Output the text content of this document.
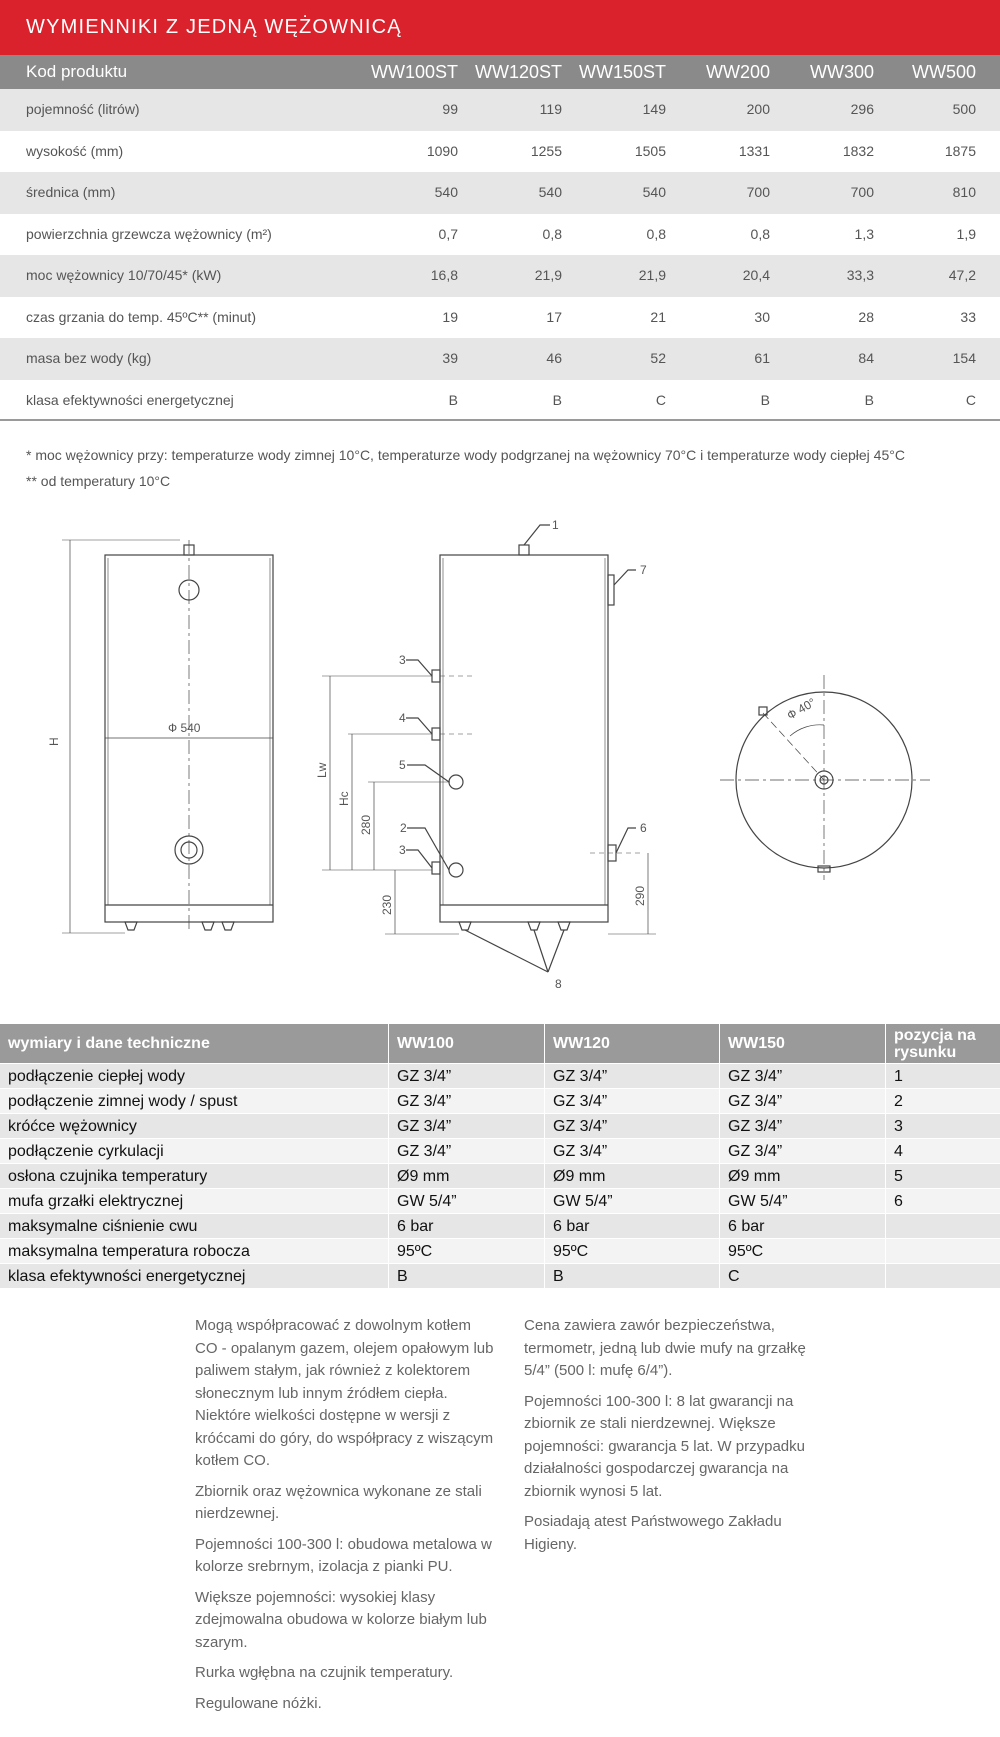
WYMIENNIKI Z JEDNĄ WĘŻOWNICĄ
Kod produktu	WW100ST WW120ST WW150ST	WW200	WW300	WW500
pojemność (litrów)	99	119	149	200	296	500
wysokość (mm)	1090	1255	1505	1331	1832	1875
średnica (mm)	540	540	540	700	700	810
powierzchnia grzewcza wężownicy (m²)	0,7	0,8	0,8	0,8	1,3	1,9
moc wężownicy 10/70/45* (kW)	16,8	21,9	21,9	20,4	33,3	47,2
czas grzania do temp. 45ºC** (minut)	19	17	21	30	28	33
masa bez wody (kg)	39	46	52	61	84	154
klasa efektywności energetycznej	B	B	C	B	B	C
* moc wężownicy przy: temperaturze wody zimnej 10°C, temperaturze wody podgrzanej na wężownicy 70°C i temperaturze wody ciepłej 45°C
** od temperatury 10°C
H
Ф 540
Ф 40°
Lw
Hc
280
230	290
1
2
3
3
4
5
6
7
8
wymiary i dane techniczne	WW100	WW120	WW150	pozycja na rysunku
podłączenie ciepłej wody	GZ 3/4”	GZ 3/4”	GZ 3/4”	1
podłączenie zimnej wody / spust	GZ 3/4”	GZ 3/4”	GZ 3/4”	2
króćce wężownicy	GZ 3/4”	GZ 3/4”	GZ 3/4”	3
podłączenie cyrkulacji	GZ 3/4”	GZ 3/4”	GZ 3/4”	4
osłona czujnika temperatury	Ø9 mm	Ø9 mm	Ø9 mm	5
mufa grzałki elektrycznej	GW 5/4”	GW 5/4”	GW 5/4”	6
maksymalne ciśnienie cwu	6 bar	6 bar	6 bar
maksymalna temperatura robocza	95ºC	95ºC	95ºC
klasa efektywności energetycznej	B	B	C

Mogą współpracować z dowolnym kotłem CO - opalanym gazem, olejem opałowym lub paliwem stałym, jak również z kolektorem słonecznym lub innym źródłem ciepła. Niektóre wielkości dostępne w wersji z króćcami do góry, do współpracy z wiszącym kotłem CO.

Zbiornik oraz wężownica wykonane ze stali nierdzewnej.

Pojemności 100-300 l: obudowa metalowa w kolorze srebrnym, izolacja z pianki PU.

Większe pojemności: wysokiej klasy zdejmowalna obudowa w kolorze białym lub szarym.

Rurka wgłębna na czujnik temperatury.

Regulowane nóżki.

Cena zawiera zawór bezpieczeństwa, termometr, jedną lub dwie mufy na grzałkę 5/4” (500 l: mufę 6/4”).

Pojemności 100-300 l: 8 lat gwarancji na zbiornik ze stali nierdzewnej. Większe pojemności: gwarancja 5 lat. W przypadku działalności gospodarczej gwarancja na zbiornik wynosi 5 lat.

Posiadają atest Państwowego Zakładu Higieny.
